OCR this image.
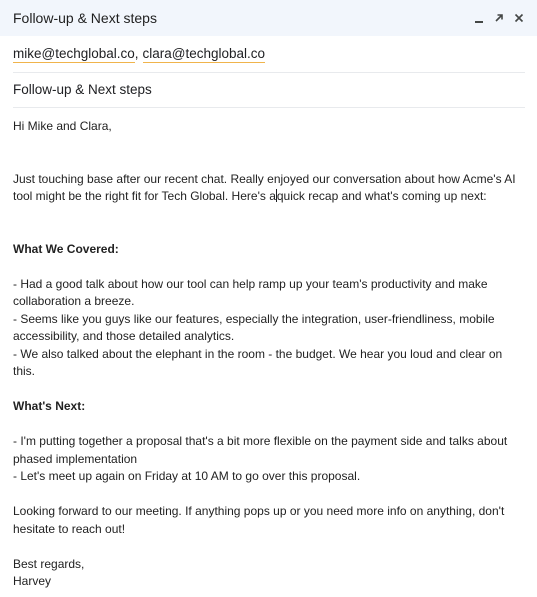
Follow-up & Next steps
mike@techglobal.co, clara@techglobal.co
Follow-up & Next steps

Hi Mike and Clara,

Just touching base after our recent chat. Really enjoyed our conversation about how Acme's AI tool might be the right fit for Tech Global. Here's aquick recap and what's coming up next:

What We Covered:

- Had a good talk about how our tool can help ramp up your team's productivity and make collaboration a breeze.

- Seems like you guys like our features, especially the integration, user-friendliness, mobile accessibility, and those detailed analytics.

- We also talked about the elephant in the room - the budget. We hear you loud and clear on this.

What's Next:

- I'm putting together a proposal that's a bit more flexible on the payment side and talks about phased implementation

- Let's meet up again on Friday at 10 AM to go over this proposal.

Looking forward to our meeting. If anything pops up or you need more info on anything, don't hesitate to reach out!

Best regards,

Harvey
